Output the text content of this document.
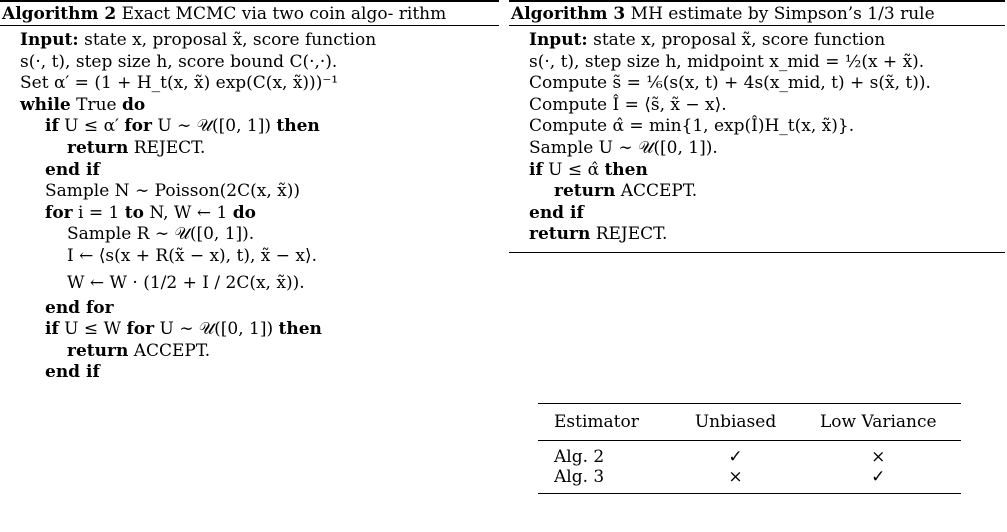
Algorithm 2 Exact MCMC via two coin algo- rithm
Input: state x, proposal x̃, score function
s(·, t), step size h, score bound C(·,·).
Set α′ = (1 + H_t(x, x̃) exp(C(x, x̃)))⁻¹
while True do
if U ≤ α′ for U ∼ 𝒰([0, 1]) then
return REJECT.
end if
Sample N ∼ Poisson(2C(x, x̃))
for i = 1 to N, W ← 1 do
Sample R ∼ 𝒰([0, 1]).
I ← ⟨s(x + R(x̃ − x), t), x̃ − x⟩.
W ← W · (1/2 + I / 2C(x, x̃)).
end for
if U ≤ W for U ∼ 𝒰([0, 1]) then
return ACCEPT.
end if
Algorithm 3 MH estimate by Simpson’s 1/3 rule
Input: state x, proposal x̃, score function
s(·, t), step size h, midpoint x_mid = ½(x + x̃).
Compute s̃ = ⅙(s(x, t) + 4s(x_mid, t) + s(x̃, t)).
Compute Î = ⟨s̃, x̃ − x⟩.
Compute α̂ = min{1, exp(Î)H_t(x, x̃)}.
Sample U ∼ 𝒰([0, 1]).
if U ≤ α̂ then
return ACCEPT.
end if
return REJECT.
Estimator	Unbiased	Low Variance
Alg. 2	✓	×
Alg. 3	×	✓
